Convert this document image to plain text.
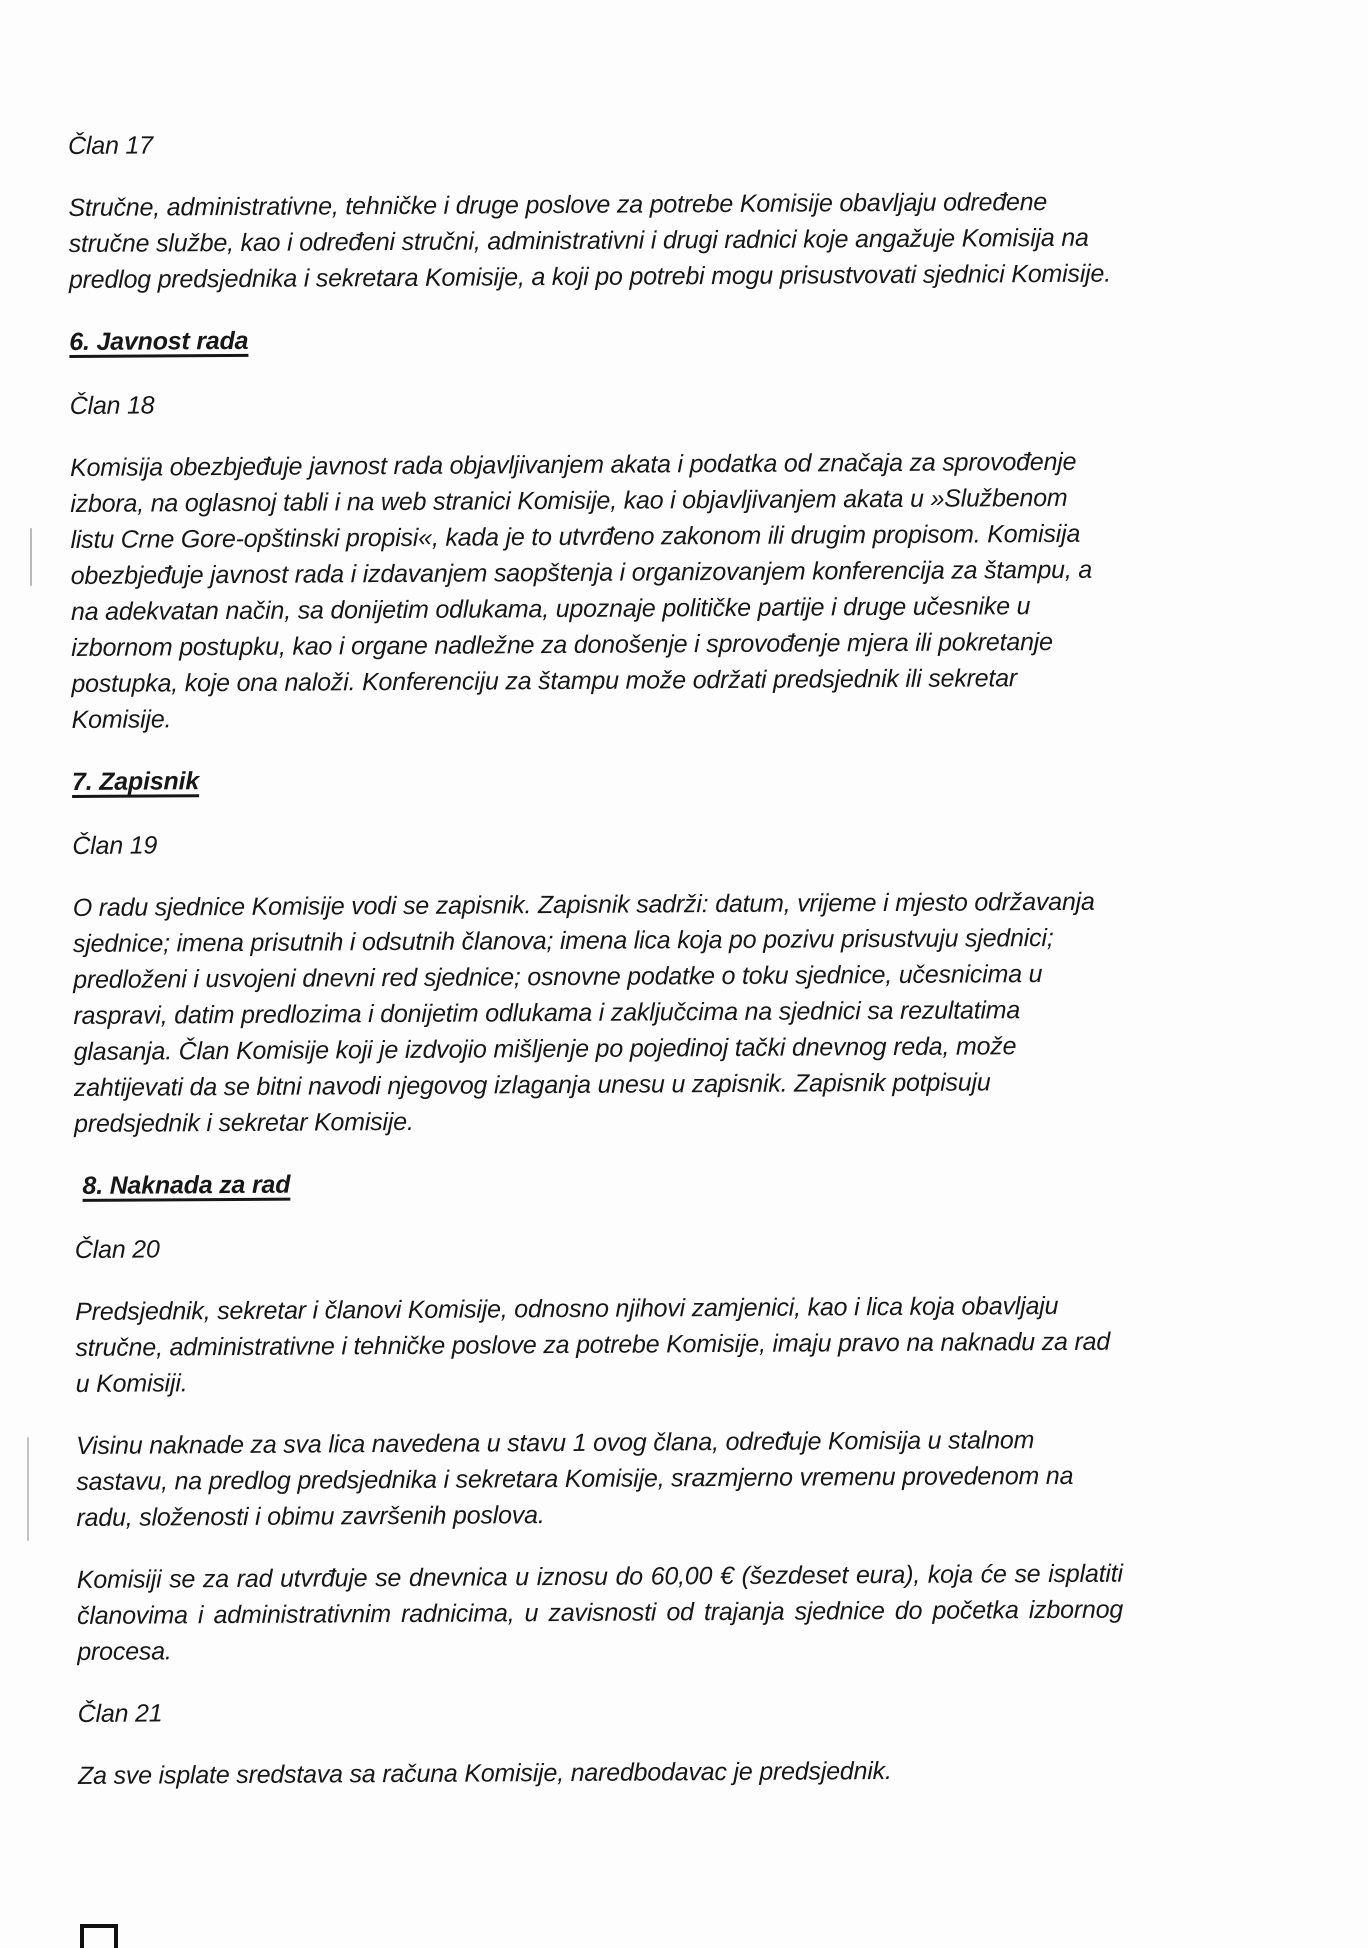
Član 17

Stručne, administrativne, tehničke i druge poslove za potrebe Komisije obavljaju određene stručne službe, kao i određeni stručni, administrativni i drugi radnici koje angažuje Komisija na predlog predsjednika i sekretara Komisije, a koji po potrebi mogu prisustvovati sjednici Komisije.

6. Javnost rada
Član 18

Komisija obezbjeđuje javnost rada objavljivanjem akata i podatka od značaja za sprovođenje izbora, na oglasnoj tabli i na web stranici Komisije, kao i objavljivanjem akata u »Službenom listu Crne Gore-opštinski propisi«, kada je to utvrđeno zakonom ili drugim propisom. Komisija obezbjeđuje javnost rada i izdavanjem saopštenja i organizovanjem konferencija za štampu, a na adekvatan način, sa donijetim odlukama, upoznaje političke partije i druge učesnike u izbornom postupku, kao i organe nadležne za donošenje i sprovođenje mjera ili pokretanje postupka, koje ona naloži. Konferenciju za štampu može održati predsjednik ili sekretar Komisije.

7. Zapisnik
Član 19

O radu sjednice Komisije vodi se zapisnik. Zapisnik sadrži: datum, vrijeme i mjesto održavanja sjednice; imena prisutnih i odsutnih članova; imena lica koja po pozivu prisustvuju sjednici; predloženi i usvojeni dnevni red sjednice; osnovne podatke o toku sjednice, učesnicima u raspravi, datim predlozima i donijetim odlukama i zaključcima na sjednici sa rezultatima glasanja. Član Komisije koji je izdvojio mišljenje po pojedinoj tački dnevnog reda, može zahtijevati da se bitni navodi njegovog izlaganja unesu u zapisnik. Zapisnik potpisuju predsjednik i sekretar Komisije.

8. Naknada za rad
Član 20

Predsjednik, sekretar i članovi Komisije, odnosno njihovi zamjenici, kao i lica koja obavljaju stručne, administrativne i tehničke poslove za potrebe Komisije, imaju pravo na naknadu za rad u Komisiji.

Visinu naknade za sva lica navedena u stavu 1 ovog člana, određuje Komisija u stalnom sastavu, na predlog predsjednika i sekretara Komisije, srazmjerno vremenu provedenom na radu, složenosti i obimu završenih poslova.

Komisiji se za rad utvrđuje se dnevnica u iznosu do 60,00 € (šezdeset eura), koja će se isplatiti članovima i administrativnim radnicima, u zavisnosti od trajanja sjednice do početka izbornog procesa.

Član 21

Za sve isplate sredstava sa računa Komisije, naredbodavac je predsjednik.
